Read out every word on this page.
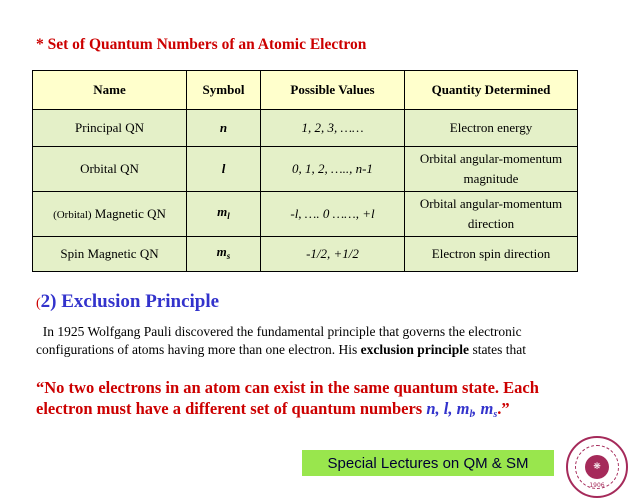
* Set of Quantum Numbers of an Atomic Electron
Name	Symbol	Possible Values	Quantity Determined
Principal QN	n	1, 2, 3, ……	Electron energy
Orbital QN	l	0, 1, 2, ….., n-1	Orbital angular-momentum magnitude
(Orbital) Magnetic QN	$m_l$	-l, …. 0 ……, +l	Orbital angular-momentum direction
Spin Magnetic QN	$m_s$	-1/2, +1/2	Electron spin direction
(2) Exclusion Principle
In 1925 Wolfgang Pauli discovered the fundamental principle that governs the electronic configurations of atoms having more than one electron. His exclusion principle states that
“No two electrons in an atom can exist in the same quantum state. Each electron must have a different set of quantum numbers n, l, ml, ms.”
Special Lectures on QM & SM	❋
1906
